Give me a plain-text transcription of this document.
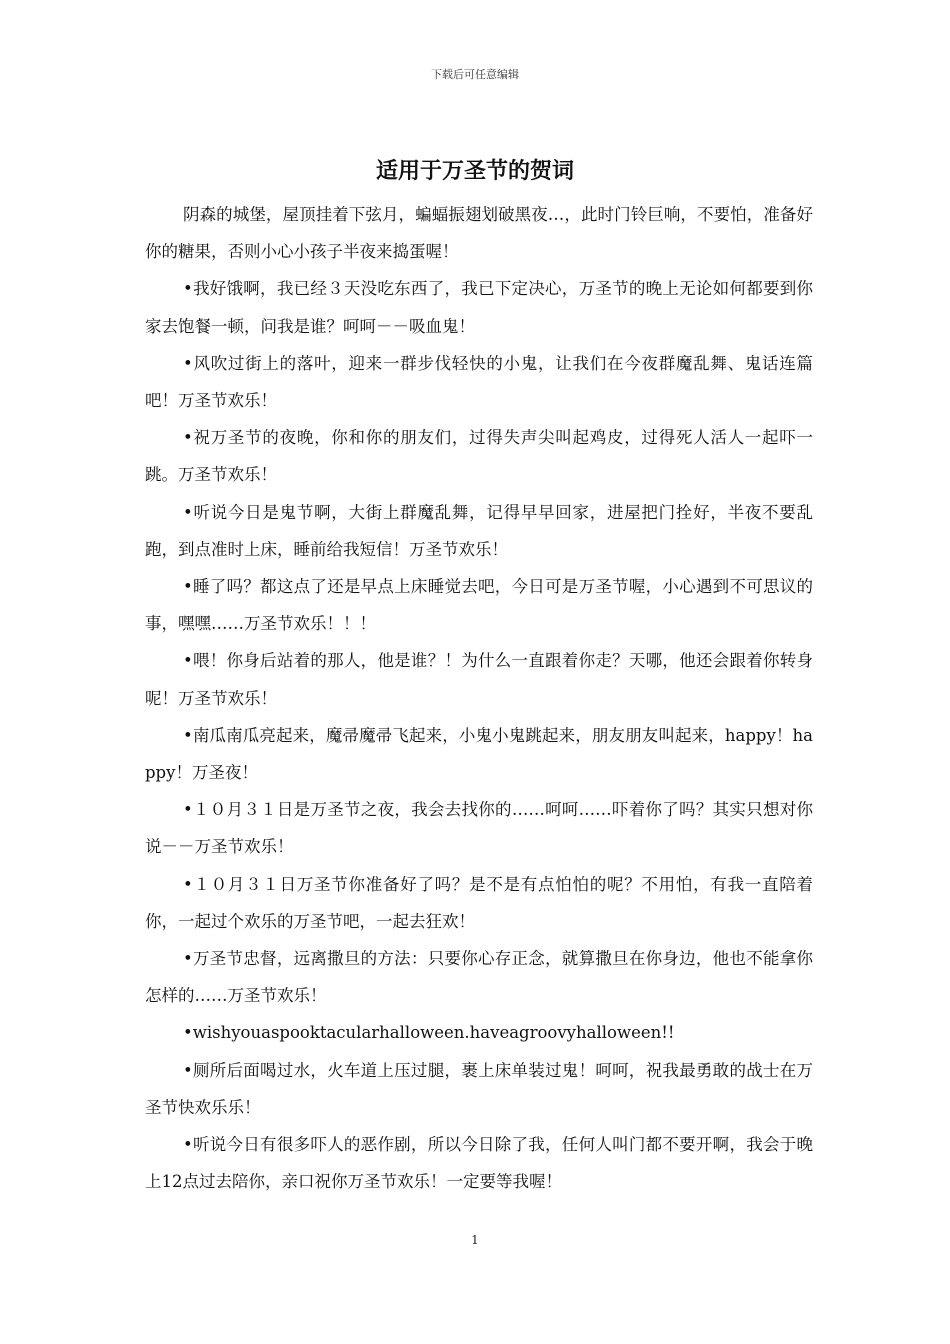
下载后可任意编辑
适用于万圣节的贺词

阴森的城堡，屋顶挂着下弦月，蝙蝠振翅划破黑夜…，此时门铃巨响，不要怕，准备好你的糖果，否则小心小孩子半夜来捣蛋喔！

•我好饿啊，我已经３天没吃东西了，我已下定决心，万圣节的晚上无论如何都要到你家去饱餐一顿，问我是谁？呵呵－－吸血鬼！

•风吹过街上的落叶，迎来一群步伐轻快的小鬼，让我们在今夜群魔乱舞、鬼话连篇吧！万圣节欢乐！

•祝万圣节的夜晚，你和你的朋友们，过得失声尖叫起鸡皮，过得死人活人一起吓一跳。万圣节欢乐！

•听说今日是鬼节啊，大街上群魔乱舞，记得早早回家，进屋把门拴好，半夜不要乱跑，到点准时上床，睡前给我短信！万圣节欢乐！

•睡了吗？都这点了还是早点上床睡觉去吧，今日可是万圣节喔，小心遇到不可思议的事，嘿嘿……万圣节欢乐！！！

•喂！你身后站着的那人，他是谁？！为什么一直跟着你走？天哪，他还会跟着你转身呢！万圣节欢乐！

•南瓜南瓜亮起来，魔帚魔帚飞起来，小鬼小鬼跳起来，朋友朋友叫起来，happy！happy！万圣夜！

•１０月３１日是万圣节之夜，我会去找你的……呵呵……吓着你了吗？其实只想对你说－－万圣节欢乐！

•１０月３１日万圣节你准备好了吗？是不是有点怕怕的呢？不用怕，有我一直陪着你，一起过个欢乐的万圣节吧，一起去狂欢！

•万圣节忠督，远离撒旦的方法：只要你心存正念，就算撒旦在你身边，他也不能拿你怎样的……万圣节欢乐！

•wishyouaspooktacularhalloween.haveagroovyhalloween!!

•厕所后面喝过水，火车道上压过腿，裹上床单装过鬼！呵呵，祝我最勇敢的战士在万圣节快欢乐乐！

•听说今日有很多吓人的恶作剧，所以今日除了我，任何人叫门都不要开啊，我会于晚上12点过去陪你，亲口祝你万圣节欢乐！一定要等我喔！

1
